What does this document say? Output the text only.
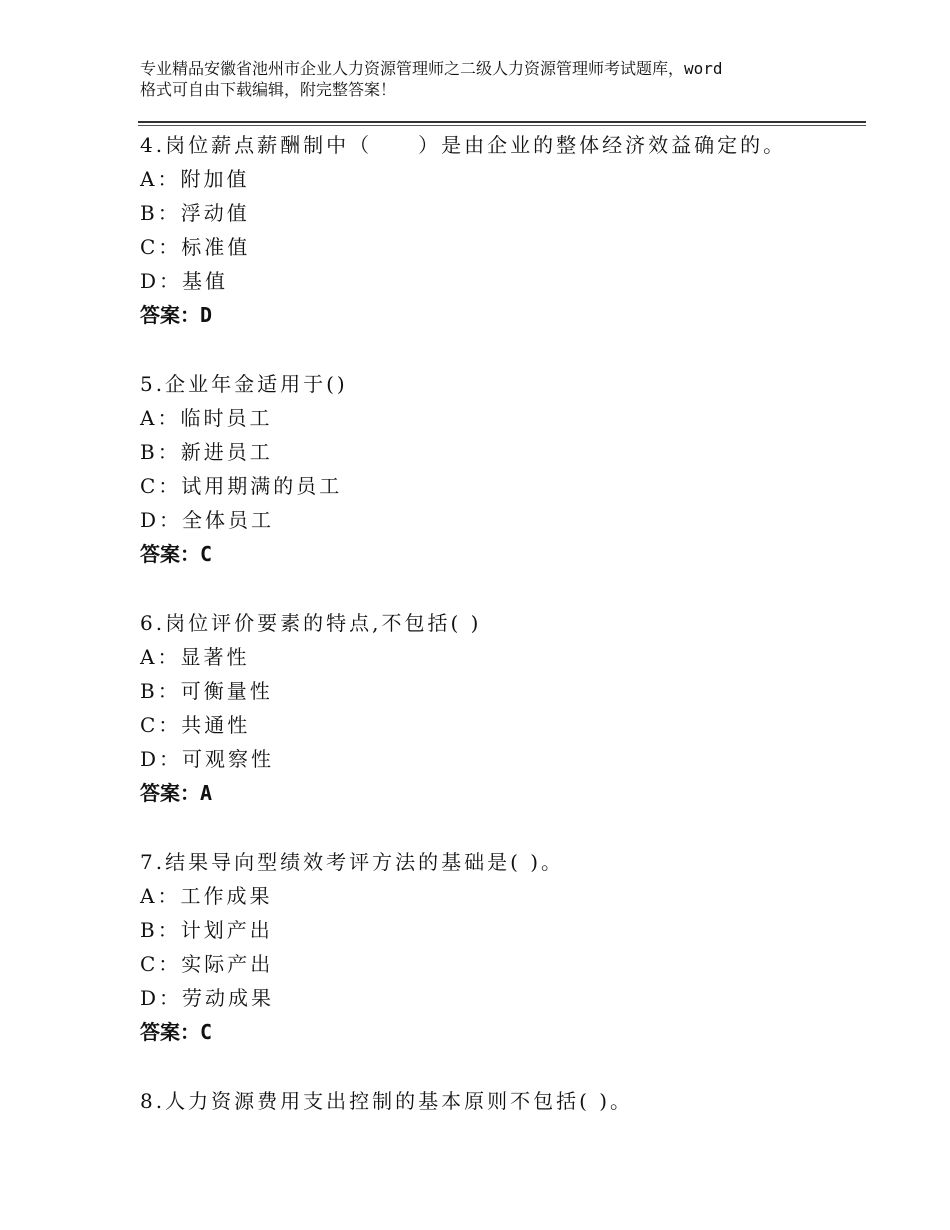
专业精品安徽省池州市企业人力资源管理师之二级人力资源管理师考试题库，word
格式可自由下载编辑，附完整答案！
4.岗位薪点薪酬制中（　　）是由企业的整体经济效益确定的。
A：附加值
B：浮动值
C：标准值
D：基值
答案：D
5.企业年金适用于()
A：临时员工
B：新进员工
C：试用期满的员工
D：全体员工
答案：C
6.岗位评价要素的特点,不包括( )
A：显著性
B：可衡量性
C：共通性
D：可观察性
答案：A
7.结果导向型绩效考评方法的基础是( )。
A：工作成果
B：计划产出
C：实际产出
D：劳动成果
答案：C
8.人力资源费用支出控制的基本原则不包括( )。
